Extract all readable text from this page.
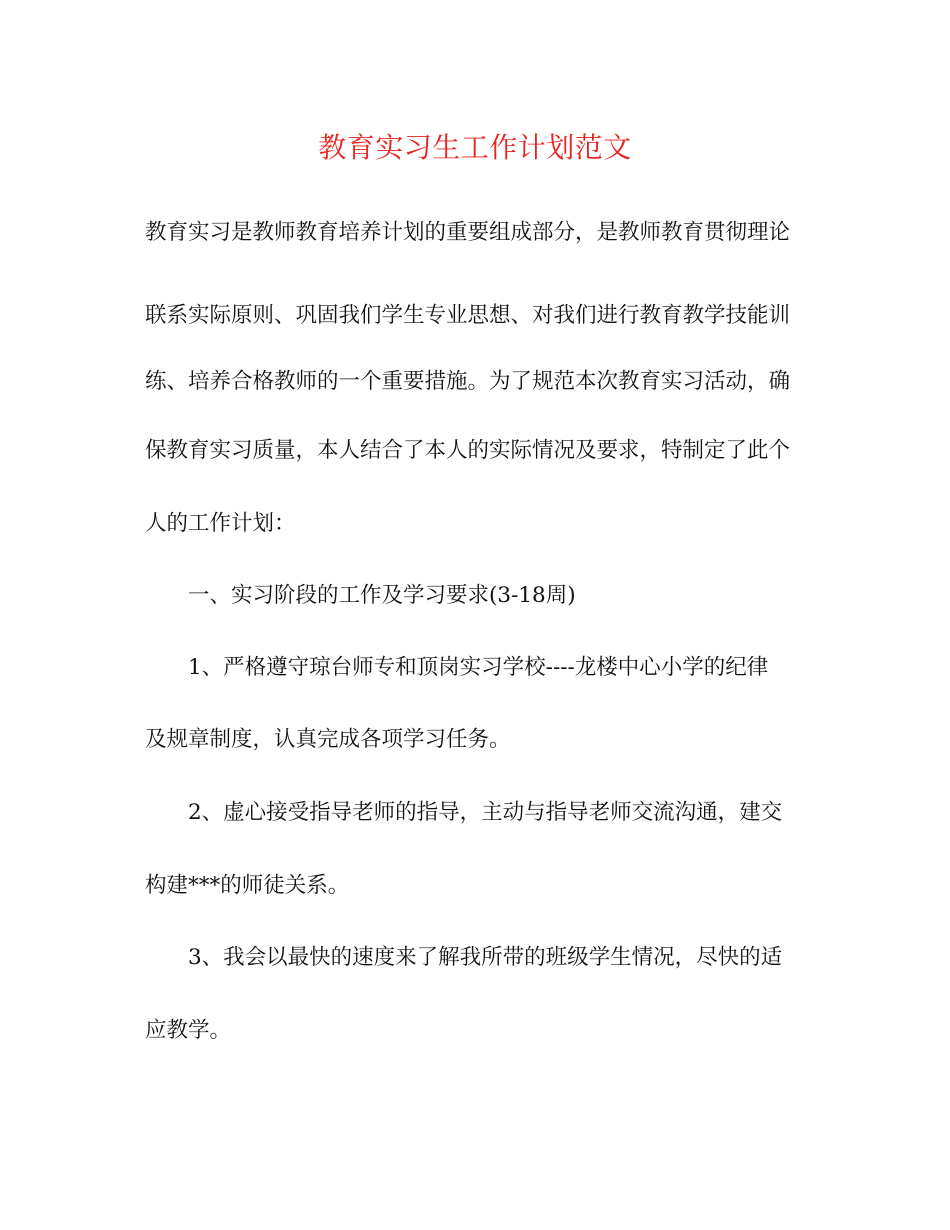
教育实习生工作计划范文
教育实习是教师教育培养计划的重要组成部分，是教师教育贯彻理论
联系实际原则、巩固我们学生专业思想、对我们进行教育教学技能训
练、培养合格教师的一个重要措施。为了规范本次教育实习活动，确
保教育实习质量，本人结合了本人的实际情况及要求，特制定了此个
人的工作计划：
一、实习阶段的工作及学习要求(3-18周)
1、严格遵守琼台师专和顶岗实习学校----龙楼中心小学的纪律
及规章制度，认真完成各项学习任务。
2、虚心接受指导老师的指导，主动与指导老师交流沟通，建交
构建***的师徒关系。
3、我会以最快的速度来了解我所带的班级学生情况，尽快的适
应教学。
